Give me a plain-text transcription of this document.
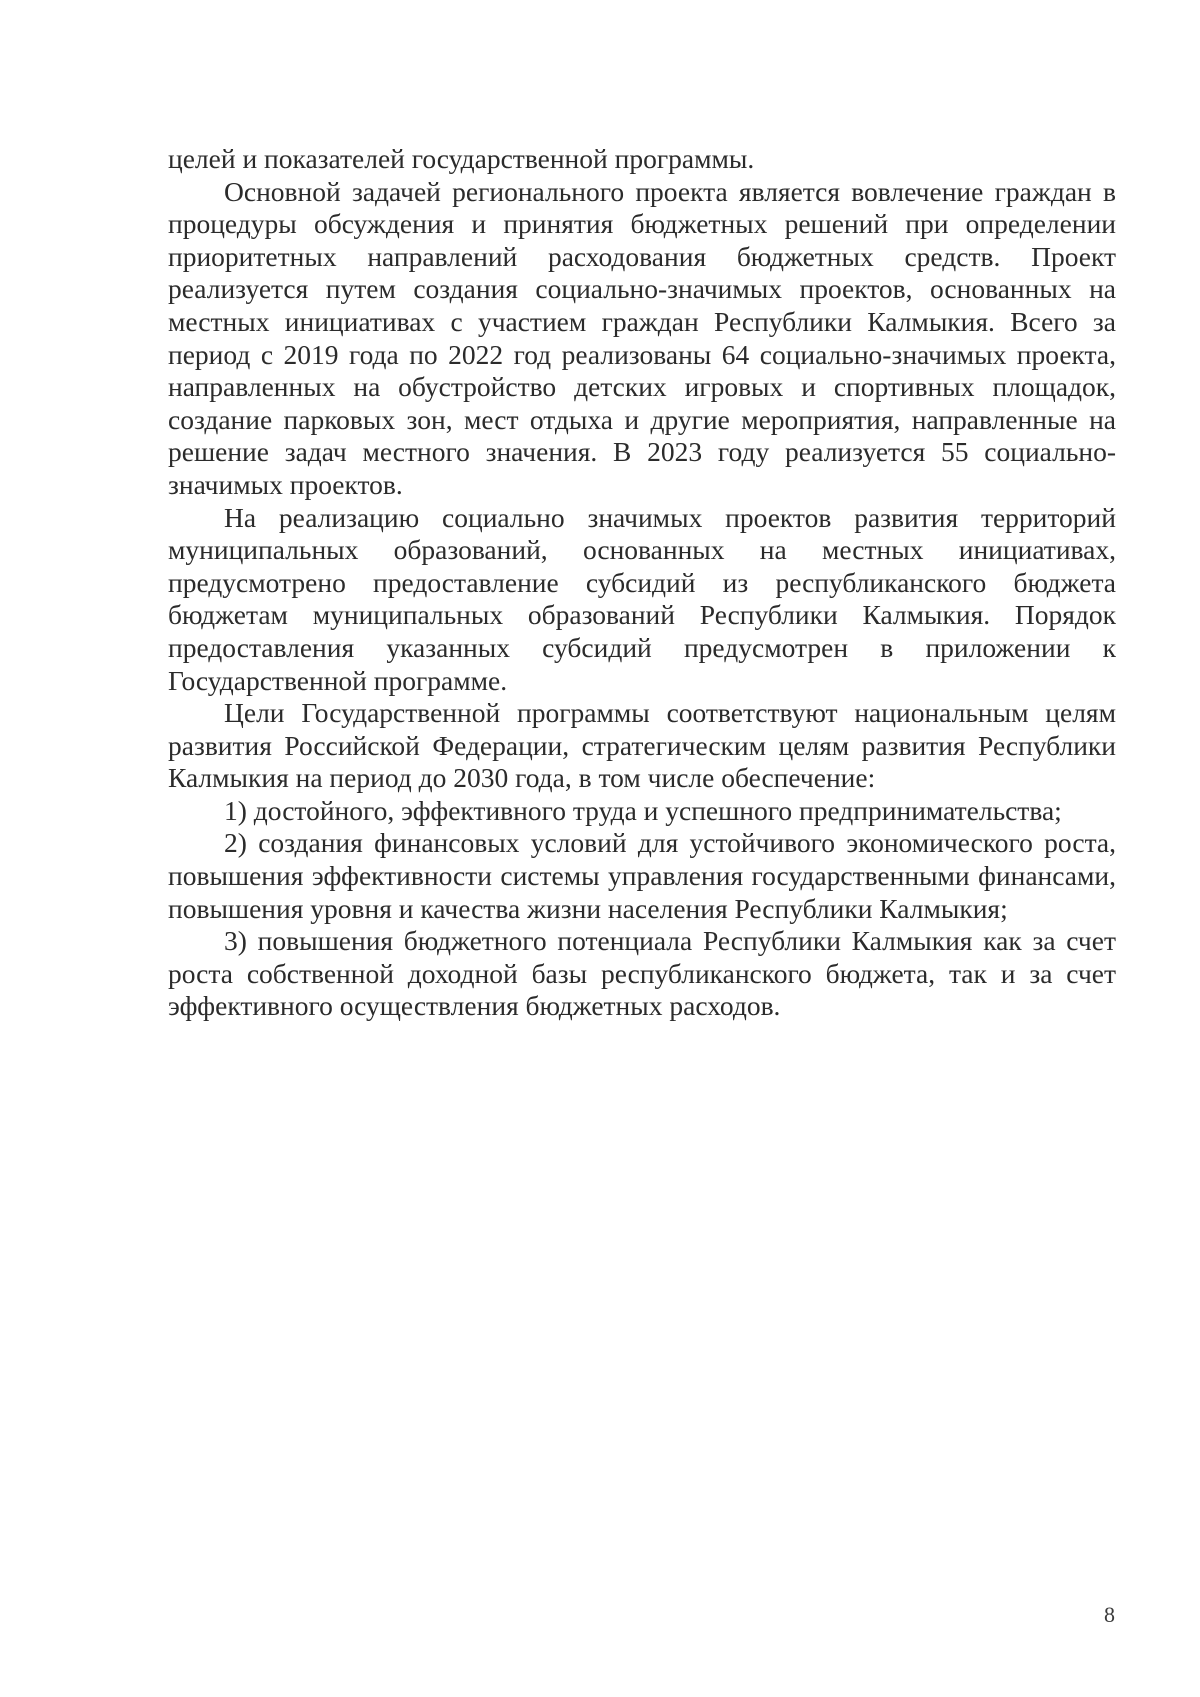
целей и показателей государственной программы.

Основной задачей регионального проекта является вовлечение граждан в процедуры обсуждения и принятия бюджетных решений при определении приоритетных направлений расходования бюджетных средств. Проект реализуется путем создания социально-значимых проектов, основанных на местных инициативах с участием граждан Республики Калмыкия. Всего за период с 2019 года по 2022 год реализованы 64 социально-значимых проекта, направленных на обустройство детских игровых и спортивных площадок, создание парковых зон, мест отдыха и другие мероприятия, направленные на решение задач местного значения. В 2023 году реализуется 55 социально-значимых проектов.

На реализацию социально значимых проектов развития территорий муниципальных образований, основанных на местных инициативах, предусмотрено предоставление субсидий из республиканского бюджета бюджетам муниципальных образований Республики Калмыкия. Порядок предоставления указанных субсидий предусмотрен в приложении к Государственной программе.

Цели Государственной программы соответствуют национальным целям развития Российской Федерации, стратегическим целям развития Республики Калмыкия на период до 2030 года, в том числе обеспечение:

1) достойного, эффективного труда и успешного предпринимательства;

2) создания финансовых условий для устойчивого экономического роста, повышения эффективности системы управления государственными финансами, повышения уровня и качества жизни населения Республики Калмыкия;

3) повышения бюджетного потенциала Республики Калмыкия как за счет роста собственной доходной базы республиканского бюджета, так и за счет эффективного осуществления бюджетных расходов.

8
